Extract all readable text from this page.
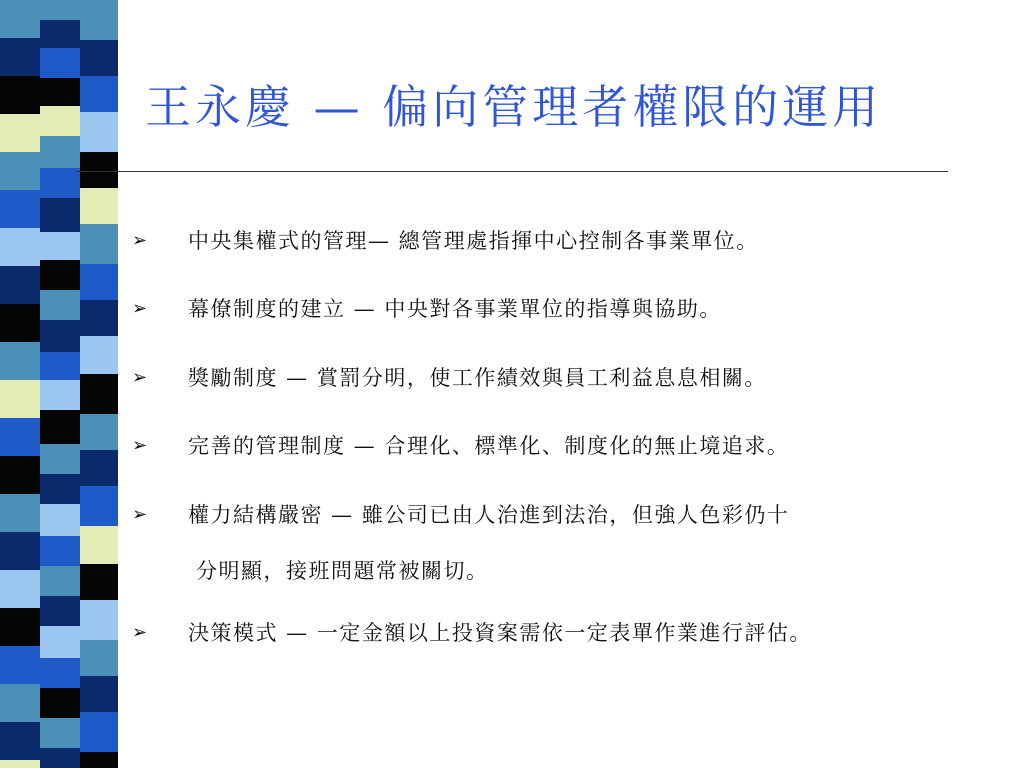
王永慶 — 偏向管理者權限的運用
➢	中央集權式的管理— 總管理處指揮中心控制各事業單位。
➢	幕僚制度的建立 — 中央對各事業單位的指導與協助。
➢	獎勵制度 — 賞罰分明，使工作績效與員工利益息息相關。
➢	完善的管理制度 — 合理化、標準化、制度化的無止境追求。
➢	權力結構嚴密 — 雖公司已由人治進到法治，但強人色彩仍十
分明顯，接班問題常被關切。
➢	決策模式 — 一定金額以上投資案需依一定表單作業進行評估。
